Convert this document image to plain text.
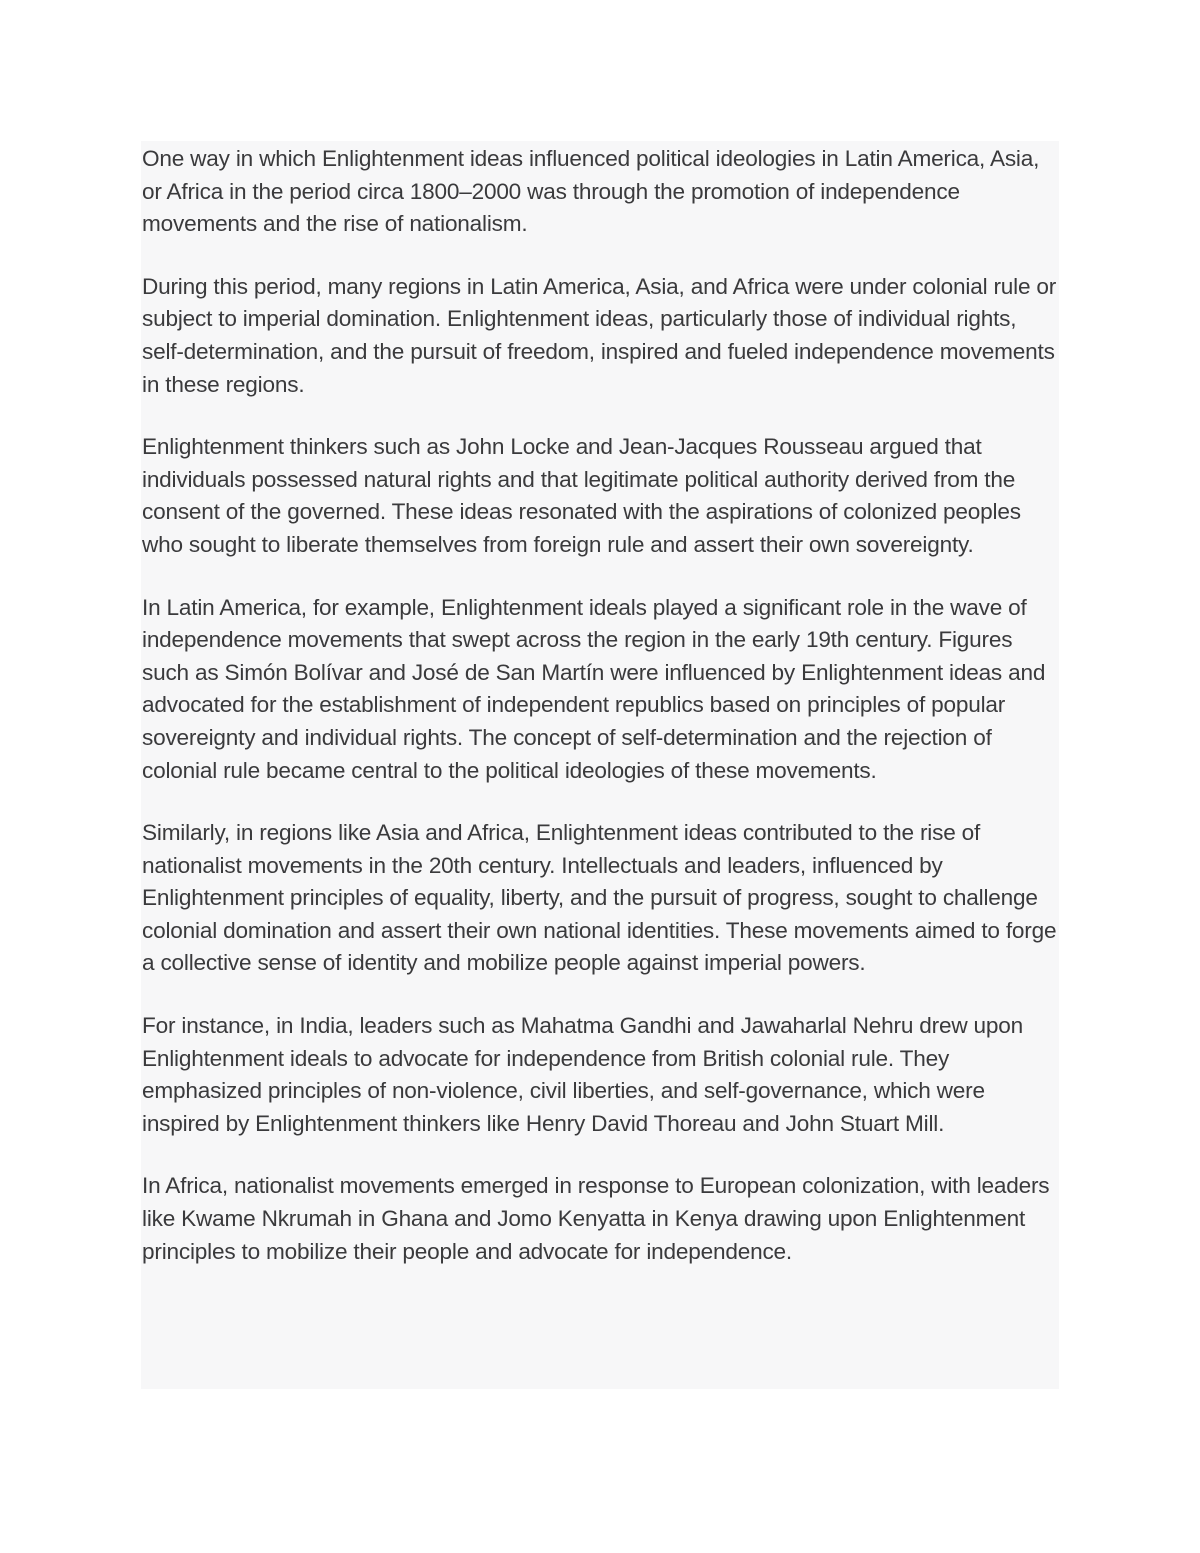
One way in which Enlightenment ideas influenced political ideologies in Latin America, Asia, or Africa in the period circa 1800–2000 was through the promotion of independence movements and the rise of nationalism.

During this period, many regions in Latin America, Asia, and Africa were under colonial rule or subject to imperial domination. Enlightenment ideas, particularly those of individual rights, self-determination, and the pursuit of freedom, inspired and fueled independence movements in these regions.

Enlightenment thinkers such as John Locke and Jean-Jacques Rousseau argued that individuals possessed natural rights and that legitimate political authority derived from the consent of the governed. These ideas resonated with the aspirations of colonized peoples who sought to liberate themselves from foreign rule and assert their own sovereignty.

In Latin America, for example, Enlightenment ideals played a significant role in the wave of independence movements that swept across the region in the early 19th century. Figures such as Simón Bolívar and José de San Martín were influenced by Enlightenment ideas and advocated for the establishment of independent republics based on principles of popular sovereignty and individual rights. The concept of self-determination and the rejection of colonial rule became central to the political ideologies of these movements.

Similarly, in regions like Asia and Africa, Enlightenment ideas contributed to the rise of nationalist movements in the 20th century. Intellectuals and leaders, influenced by Enlightenment principles of equality, liberty, and the pursuit of progress, sought to challenge colonial domination and assert their own national identities. These movements aimed to forge a collective sense of identity and mobilize people against imperial powers.

For instance, in India, leaders such as Mahatma Gandhi and Jawaharlal Nehru drew upon Enlightenment ideals to advocate for independence from British colonial rule. They emphasized principles of non-violence, civil liberties, and self-governance, which were inspired by Enlightenment thinkers like Henry David Thoreau and John Stuart Mill.

In Africa, nationalist movements emerged in response to European colonization, with leaders like Kwame Nkrumah in Ghana and Jomo Kenyatta in Kenya drawing upon Enlightenment principles to mobilize their people and advocate for independence.
